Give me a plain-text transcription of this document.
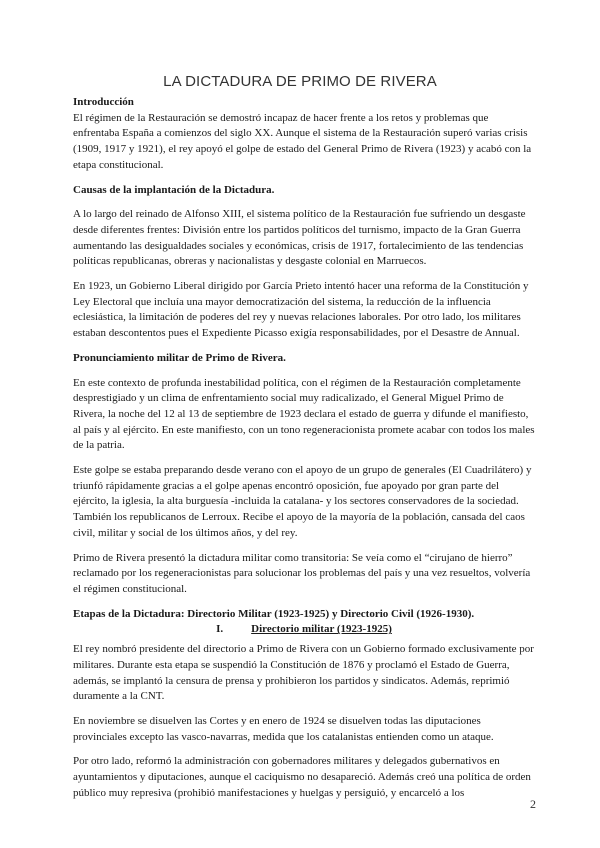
LA DICTADURA DE PRIMO DE RIVERA
Introducción

El régimen de la Restauración se demostró incapaz de hacer frente a los retos y problemas que enfrentaba España a comienzos del siglo XX. Aunque el sistema de la Restauración superó varias crisis (1909, 1917 y 1921), el rey apoyó el golpe de estado del General Primo de Rivera (1923) y acabó con la etapa constitucional.

Causas de la implantación de la Dictadura.

A lo largo del reinado de Alfonso XIII, el sistema político de la Restauración fue sufriendo un desgaste desde diferentes frentes: División entre los partidos políticos del turnismo, impacto de la Gran Guerra aumentando las desigualdades sociales y económicas, crisis de 1917, fortalecimiento de las tendencias políticas republicanas, obreras y nacionalistas y desgaste colonial en Marruecos.

En 1923, un Gobierno Liberal dirigido por García Prieto intentó hacer una reforma de la Constitución y Ley Electoral que incluía una mayor democratización del sistema, la reducción de la influencia eclesiástica, la limitación de poderes del rey y nuevas relaciones laborales. Por otro lado, los militares estaban descontentos pues el Expediente Picasso exigía responsabilidades, por el Desastre de Annual.

Pronunciamiento militar de Primo de Rivera.

En este contexto de profunda inestabilidad política, con el régimen de la Restauración completamente desprestigiado y un clima de enfrentamiento social muy radicalizado, el General Miguel Primo de Rivera, la noche del 12 al 13 de septiembre de 1923 declara el estado de guerra y difunde el manifiesto, al país y al ejército. En este manifiesto, con un tono regeneracionista promete acabar con todos los males de la patria.

Este golpe se estaba preparando desde verano con el apoyo de un grupo de generales (El Cuadrilátero) y triunfó rápidamente gracias a el golpe apenas encontró oposición, fue apoyado por gran parte del ejército, la iglesia, la alta burguesía -incluida la catalana- y los sectores conservadores de la sociedad. También los republicanos de Lerroux. Recibe el apoyo de la mayoría de la población, cansada del caos civil, militar y social de los últimos años, y del rey.

Primo de Rivera presentó la dictadura militar como transitoria: Se veía como el “cirujano de hierro” reclamado por los regeneracionistas para solucionar los problemas del país y una vez resueltos, volvería el régimen constitucional.

Etapas de la Dictadura: Directorio Militar (1923-1925) y Directorio Civil (1926-1930).
I.	Directorio militar (1923-1925)

El rey nombró presidente del directorio a Primo de Rivera con un Gobierno formado exclusivamente por militares. Durante esta etapa se suspendió la Constitución de 1876 y proclamó el Estado de Guerra, además, se implantó la censura de prensa y prohibieron los partidos y sindicatos. Además, reprimió duramente a la CNT.

En noviembre se disuelven las Cortes y en enero de 1924 se disuelven todas las diputaciones provinciales excepto las vasco-navarras, medida que los catalanistas entienden como un ataque.

Por otro lado, reformó la administración con gobernadores militares y delegados gubernativos en ayuntamientos y diputaciones, aunque el caciquismo no desapareció. Además creó una política de orden público muy represiva (prohibió manifestaciones y huelgas y persiguió, y encarceló a los

2
